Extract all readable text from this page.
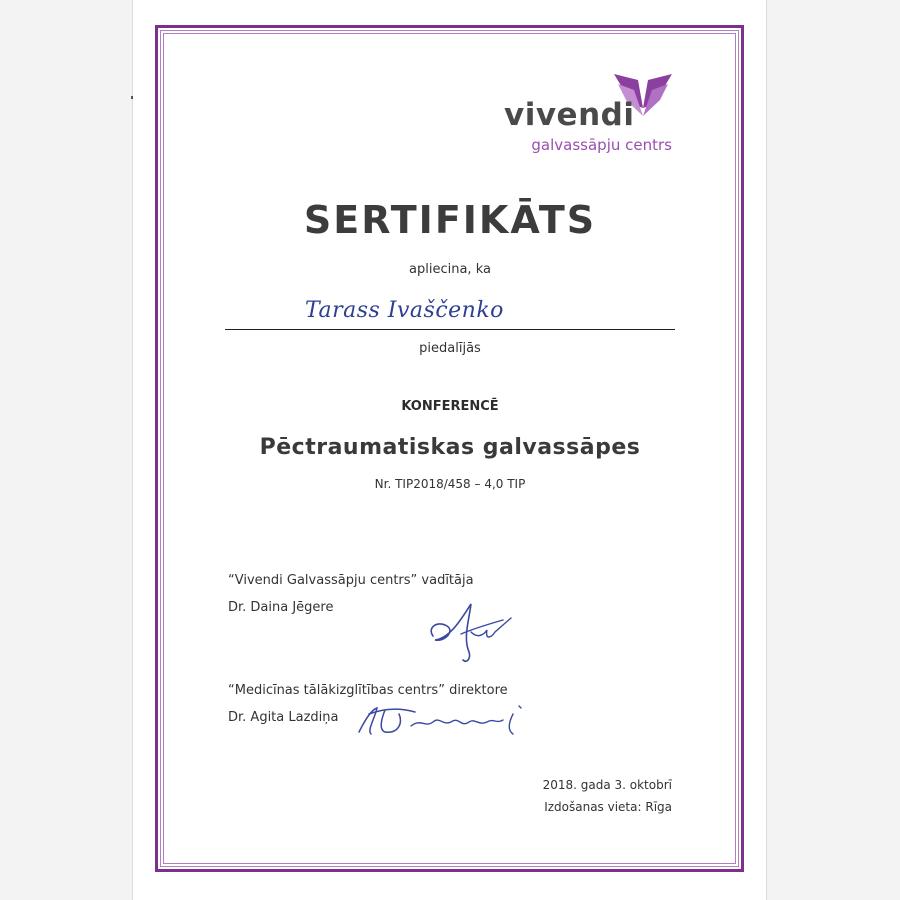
vivendi
galvassāpju centrs
SERTIFIKĀTS

apliecina, ka

Tarass Ivaščenko

piedalījās

KONFERENCĒ

Pēctraumatiskas galvassāpes

Nr. TIP2018/458 – 4,0 TIP

“Vivendi Galvassāpju centrs” vadītāja

Dr. Daina Jēgere

“Medicīnas tālākizglītības centrs” direktore

Dr. Agita Lazdiņa

2018. gada 3. oktobrī

Izdošanas vieta: Rīga
